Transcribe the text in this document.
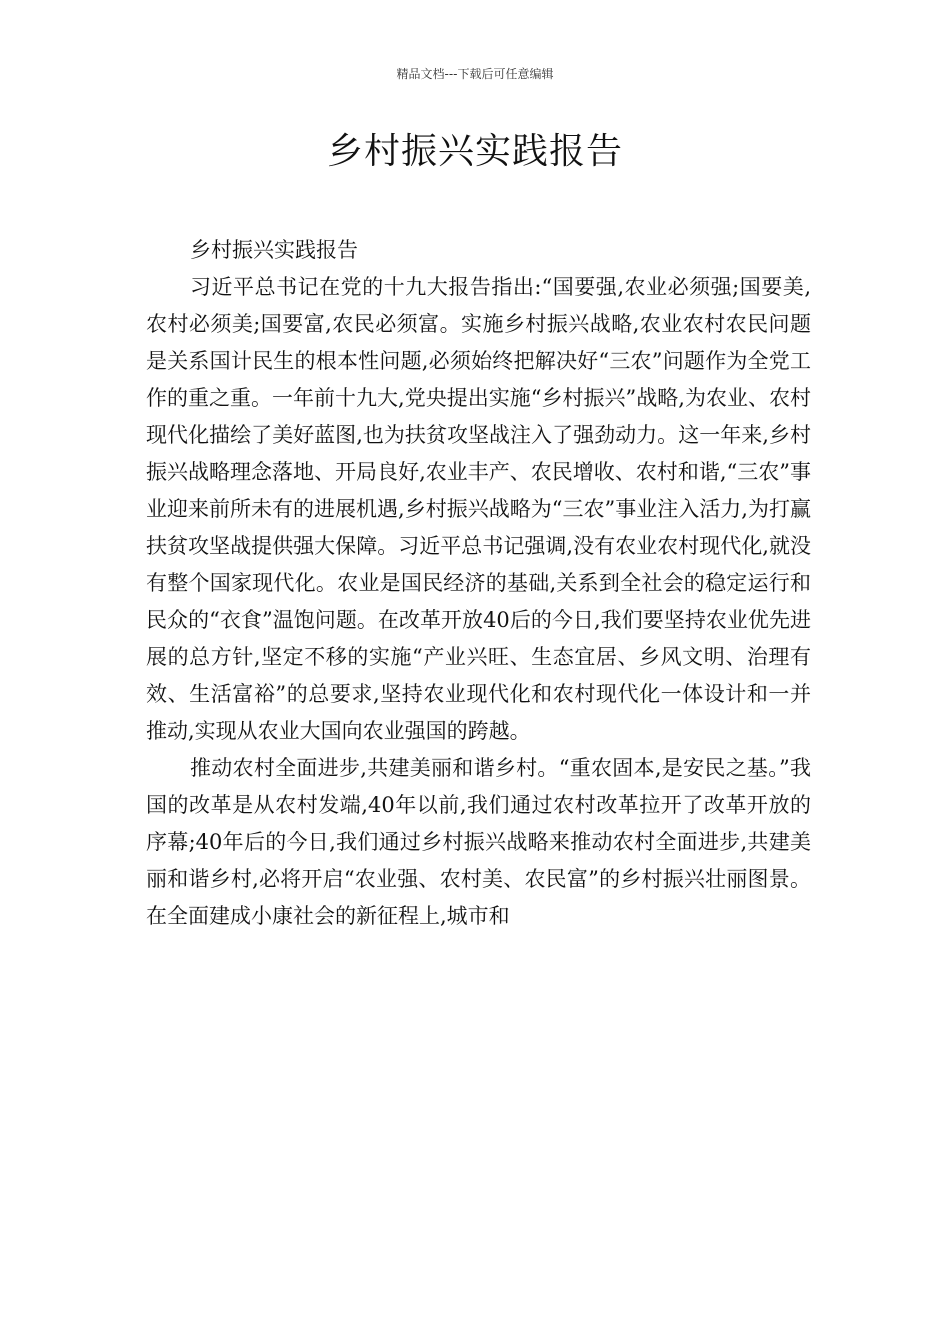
精品文档---下载后可任意编辑
乡村振兴实践报告

乡村振兴实践报告

习近平总书记在党的十九大报告指出:“国要强,农业必须强;国要美,农村必须美;国要富,农民必须富。实施乡村振兴战略,农业农村农民问题是关系国计民生的根本性问题,必须始终把解决好“三农”问题作为全党工作的重之重。一年前十九大,党央提出实施“乡村振兴”战略,为农业、农村现代化描绘了美好蓝图,也为扶贫攻坚战注入了强劲动力。这一年来,乡村振兴战略理念落地、开局良好,农业丰产、农民增收、农村和谐,“三农”事业迎来前所未有的进展机遇,乡村振兴战略为“三农”事业注入活力,为打赢扶贫攻坚战提供强大保障。习近平总书记强调,没有农业农村现代化,就没有整个国家现代化。农业是国民经济的基础,关系到全社会的稳定运行和民众的“衣食”温饱问题。在改革开放40后的今日,我们要坚持农业优先进展的总方针,坚定不移的实施“产业兴旺、生态宜居、乡风文明、治理有效、生活富裕”的总要求,坚持农业现代化和农村现代化一体设计和一并推动,实现从农业大国向农业强国的跨越。

推动农村全面进步,共建美丽和谐乡村。“重农固本,是安民之基。”我国的改革是从农村发端,40年以前,我们通过农村改革拉开了改革开放的序幕;40年后的今日,我们通过乡村振兴战略来推动农村全面进步,共建美丽和谐乡村,必将开启“农业强、农村美、农民富”的乡村振兴壮丽图景。在全面建成小康社会的新征程上,城市和
